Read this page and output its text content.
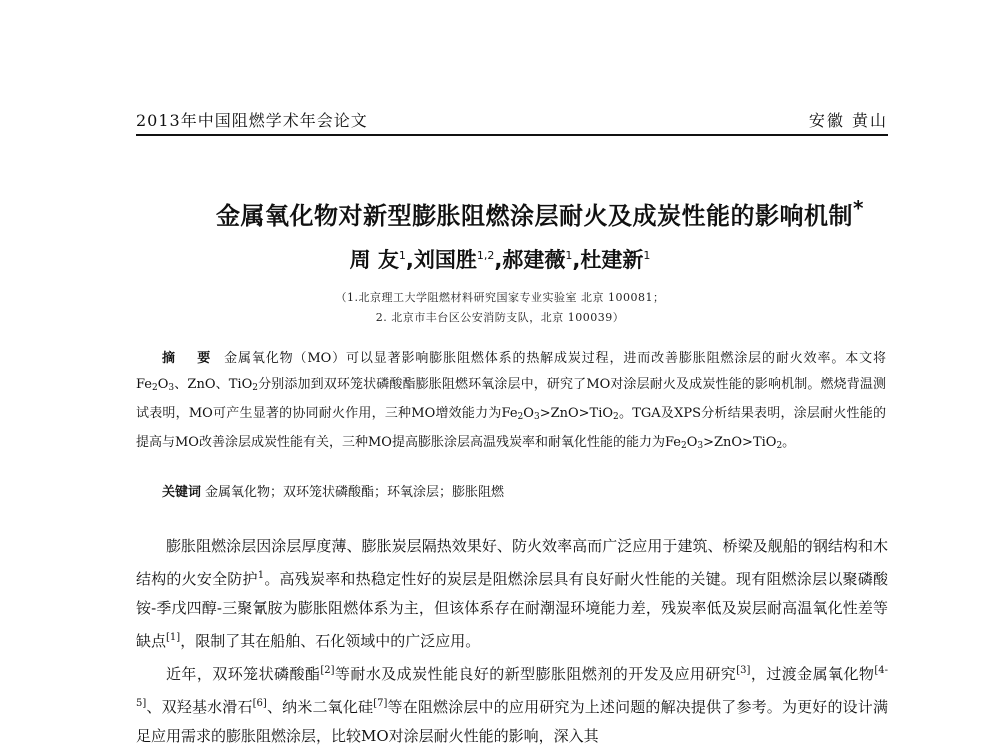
2013年中国阻燃学术年会论文	安徽 黄山
金属氧化物对新型膨胀阻燃涂层耐火及成炭性能的影响机制*
周 友$^1$,刘国胜$^{1,2}$,郝建薇$^1$,杜建新$^1$
（1.北京理工大学阻燃材料研究国家专业实验室 北京 100081；
2. 北京市丰台区公安消防支队，北京 100039）
摘 要 金属氧化物（MO）可以显著影响膨胀阻燃体系的热解成炭过程，进而改善膨胀阻燃涂层的耐火效率。本文将$Fe_2O_3$、ZnO、TiO$_2$分别添加到双环笼状磷酸酯膨胀阻燃环氧涂层中，研究了MO对涂层耐火及成炭性能的影响机制。燃烧背温测试表明，MO可产生显著的协同耐火作用，三种MO增效能力为$Fe_2O_3>ZnO>TiO_2$。TGA及XPS分析结果表明，涂层耐火性能的提高与MO改善涂层成炭性能有关，三种MO提高膨胀涂层高温残炭率和耐氧化性能的能力为$Fe_2O_3>ZnO>TiO_2$。
关键词 金属氧化物；双环笼状磷酸酯；环氧涂层；膨胀阻燃

膨胀阻燃涂层因涂层厚度薄、膨胀炭层隔热效果好、防火效率高而广泛应用于建筑、桥梁及舰船的钢结构和木结构的火安全防护$^1$。高残炭率和热稳定性好的炭层是阻燃涂层具有良好耐火性能的关键。现有阻燃涂层以聚磷酸铵-季戊四醇-三聚氰胺为膨胀阻燃体系为主，但该体系存在耐潮湿环境能力差，残炭率低及炭层耐高温氧化性差等缺点[1]，限制了其在船舶、石化领域中的广泛应用。

近年，双环笼状磷酸酯[2]等耐水及成炭性能良好的新型膨胀阻燃剂的开发及应用研究[3]，过渡金属氧化物[4-5]、双羟基水滑石[6]、纳米二氧化硅[7]等在阻燃涂层中的应用研究为上述问题的解决提供了参考。为更好的设计满足应用需求的膨胀阻燃涂层，比较MO对涂层耐火性能的影响，深入其
